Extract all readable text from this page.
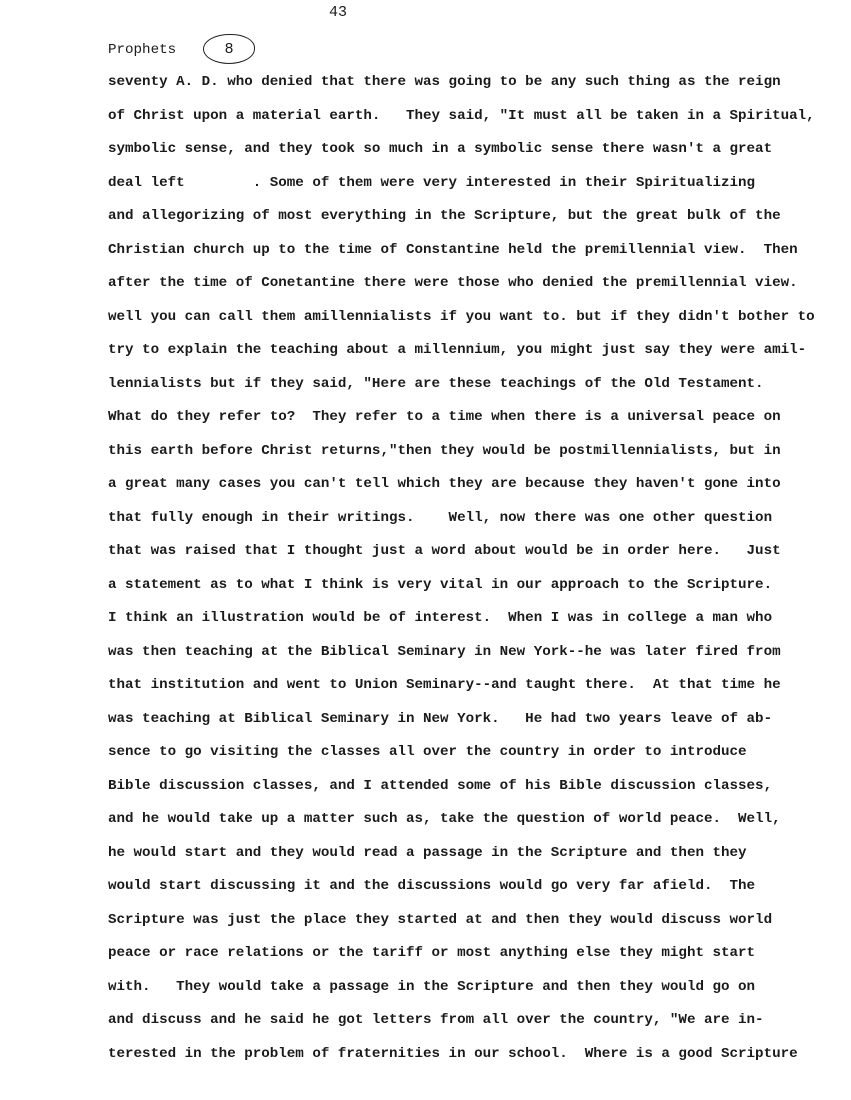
43
Prophets	8
seventy A. D. who denied that there was going to be any such thing as the reign
of Christ upon a material earth.   They said, "It must all be taken in a Spiritual,
symbolic sense, and they took so much in a symbolic sense there wasn't a great
deal left        . Some of them were very interested in their Spiritualizing
and allegorizing of most everything in the Scripture, but the great bulk of the
Christian church up to the time of Constantine held the premillennial view.  Then
after the time of Conetantine there were those who denied the premillennial view.
well you can call them amillennialists if you want to. but if they didn't bother to
try to explain the teaching about a millennium, you might just say they were amil-
lennialists but if they said, "Here are these teachings of the Old Testament.
What do they refer to?  They refer to a time when there is a universal peace on
this earth before Christ returns,"then they would be postmillennialists, but in
a great many cases you can't tell which they are because they haven't gone into
that fully enough in their writings.    Well, now there was one other question
that was raised that I thought just a word about would be in order here.   Just
a statement as to what I think is very vital in our approach to the Scripture.
I think an illustration would be of interest.  When I was in college a man who
was then teaching at the Biblical Seminary in New York--he was later fired from
that institution and went to Union Seminary--and taught there.  At that time he
was teaching at Biblical Seminary in New York.   He had two years leave of ab-
sence to go visiting the classes all over the country in order to introduce
Bible discussion classes, and I attended some of his Bible discussion classes,
and he would take up a matter such as, take the question of world peace.  Well,
he would start and they would read a passage in the Scripture and then they
would start discussing it and the discussions would go very far afield.  The
Scripture was just the place they started at and then they would discuss world
peace or race relations or the tariff or most anything else they might start
with.   They would take a passage in the Scripture and then they would go on
and discuss and he said he got letters from all over the country, "We are in-
terested in the problem of fraternities in our school.  Where is a good Scripture
